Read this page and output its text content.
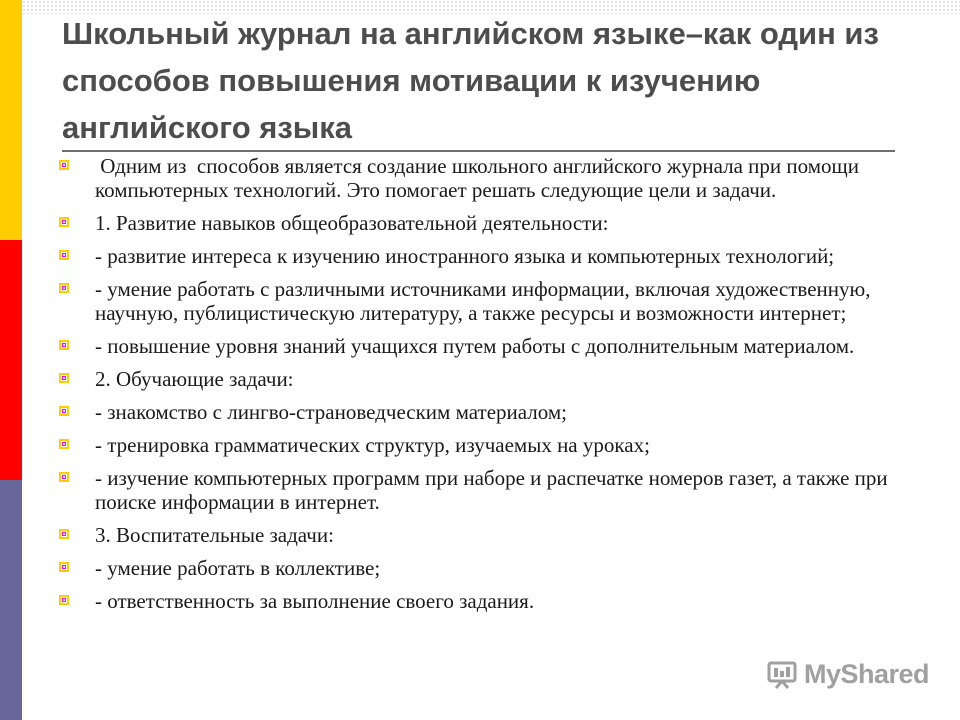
Школьный журнал на английском языке–как один из способов повышения мотивации к изучению английского языка
Одним из  способов является создание школьного английского журнала при помощи компьютерных технологий. Это помогает решать следующие цели и задачи.
1. Развитие навыков общеобразовательной деятельности:
- развитие интереса к изучению иностранного языка и компьютерных технологий;
- умение работать с различными источниками информации, включая художественную, научную, публицистическую литературу, а также ресурсы и возможности интернет;
- повышение уровня знаний учащихся путем работы с дополнительным материалом.
2. Обучающие задачи:
- знакомство с лингво-страноведческим материалом;
- тренировка грамматических структур, изучаемых на уроках;
- изучение компьютерных программ при наборе и распечатке номеров газет, а также при поиске информации в интернет.
3. Воспитательные задачи:
- умение работать в коллективе;
- ответственность за выполнение своего задания.
MyShared
